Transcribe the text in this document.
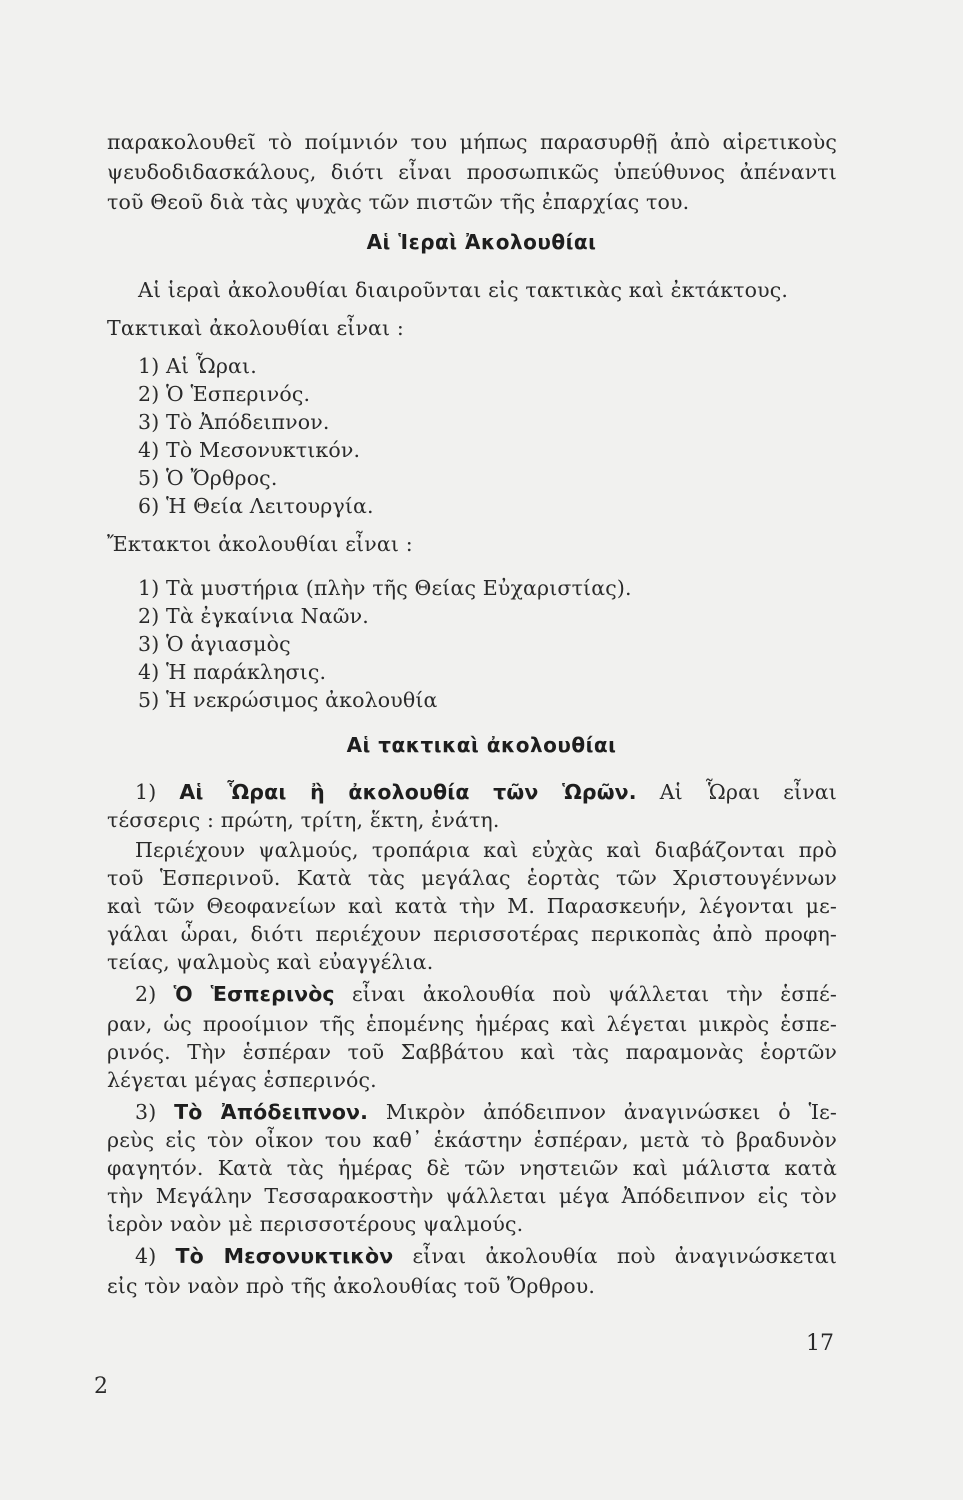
παρακολουθεῖ τὸ ποίμνιόν του μήπως παρασυρθῇ ἀπὸ αἱρετικοὺς
ψευδοδιδασκάλους, διότι εἶναι προσωπικῶς ὑπεύθυνος ἀπέναντι
τοῦ Θεοῦ διὰ τὰς ψυχὰς τῶν πιστῶν τῆς ἐπαρχίας του.
Αἱ Ἱεραὶ Ἀκολουθίαι
Αἱ ἱεραὶ ἀκολουθίαι διαιροῦνται εἰς τακτικὰς καὶ ἐκτάκτους.
Τακτικαὶ ἀκολουθίαι εἶναι :
1) Αἱ Ὧραι.
2) Ὁ Ἑσπερινός.
3) Τὸ Ἀπόδειπνον.
4) Τὸ Μεσονυκτικόν.
5) Ὁ Ὄρθρος.
6) Ἡ Θεία Λειτουργία.
Ἔκτακτοι ἀκολουθίαι εἶναι :
1) Τὰ μυστήρια (πλὴν τῆς Θείας Εὐχαριστίας).
2) Τὰ ἐγκαίνια Ναῶν.
3) Ὁ ἁγιασμὸς
4) Ἡ παράκλησις.
5) Ἡ νεκρώσιμος ἀκολουθία
Αἱ τακτικαὶ ἀκολουθίαι
1) Αἱ Ὧραι ἢ ἀκολουθία τῶν Ὡρῶν. Αἱ Ὧραι εἶναι
τέσσερις : πρώτη, τρίτη, ἕκτη, ἐνάτη.
Περιέχουν ψαλμούς, τροπάρια καὶ εὐχὰς καὶ διαβάζονται πρὸ
τοῦ Ἑσπερινοῦ. Κατὰ τὰς μεγάλας ἑορτὰς τῶν Χριστουγέννων
καὶ τῶν Θεοφανείων καὶ κατὰ τὴν Μ. Παρασκευήν, λέγονται με-
γάλαι ὧραι, διότι περιέχουν περισσοτέρας περικοπὰς ἀπὸ προφη-
τείας, ψαλμοὺς καὶ εὐαγγέλια.
2) Ὁ Ἑσπερινὸς εἶναι ἀκολουθία ποὺ ψάλλεται τὴν ἑσπέ-
ραν, ὡς προοίμιον τῆς ἑπομένης ἡμέρας καὶ λέγεται μικρὸς ἑσπε-
ρινός. Τὴν ἑσπέραν τοῦ Σαββάτου καὶ τὰς παραμονὰς ἑορτῶν
λέγεται μέγας ἑσπερινός.
3) Τὸ Ἀπόδειπνον. Μικρὸν ἀπόδειπνον ἀναγινώσκει ὁ Ἱε-
ρεὺς εἰς τὸν οἶκον του καθ᾿ ἑκάστην ἑσπέραν, μετὰ τὸ βραδυνὸν
φαγητόν. Κατὰ τὰς ἡμέρας δὲ τῶν νηστειῶν καὶ μάλιστα κατὰ
τὴν Μεγάλην Τεσσαρακοστὴν ψάλλεται μέγα Ἀπόδειπνον εἰς τὸν
ἱερὸν ναὸν μὲ περισσοτέρους ψαλμούς.
4) Τὸ Μεσονυκτικὸν εἶναι ἀκολουθία ποὺ ἀναγινώσκεται
εἰς τὸν ναὸν πρὸ τῆς ἀκολουθίας τοῦ Ὄρθρου.
17
2
